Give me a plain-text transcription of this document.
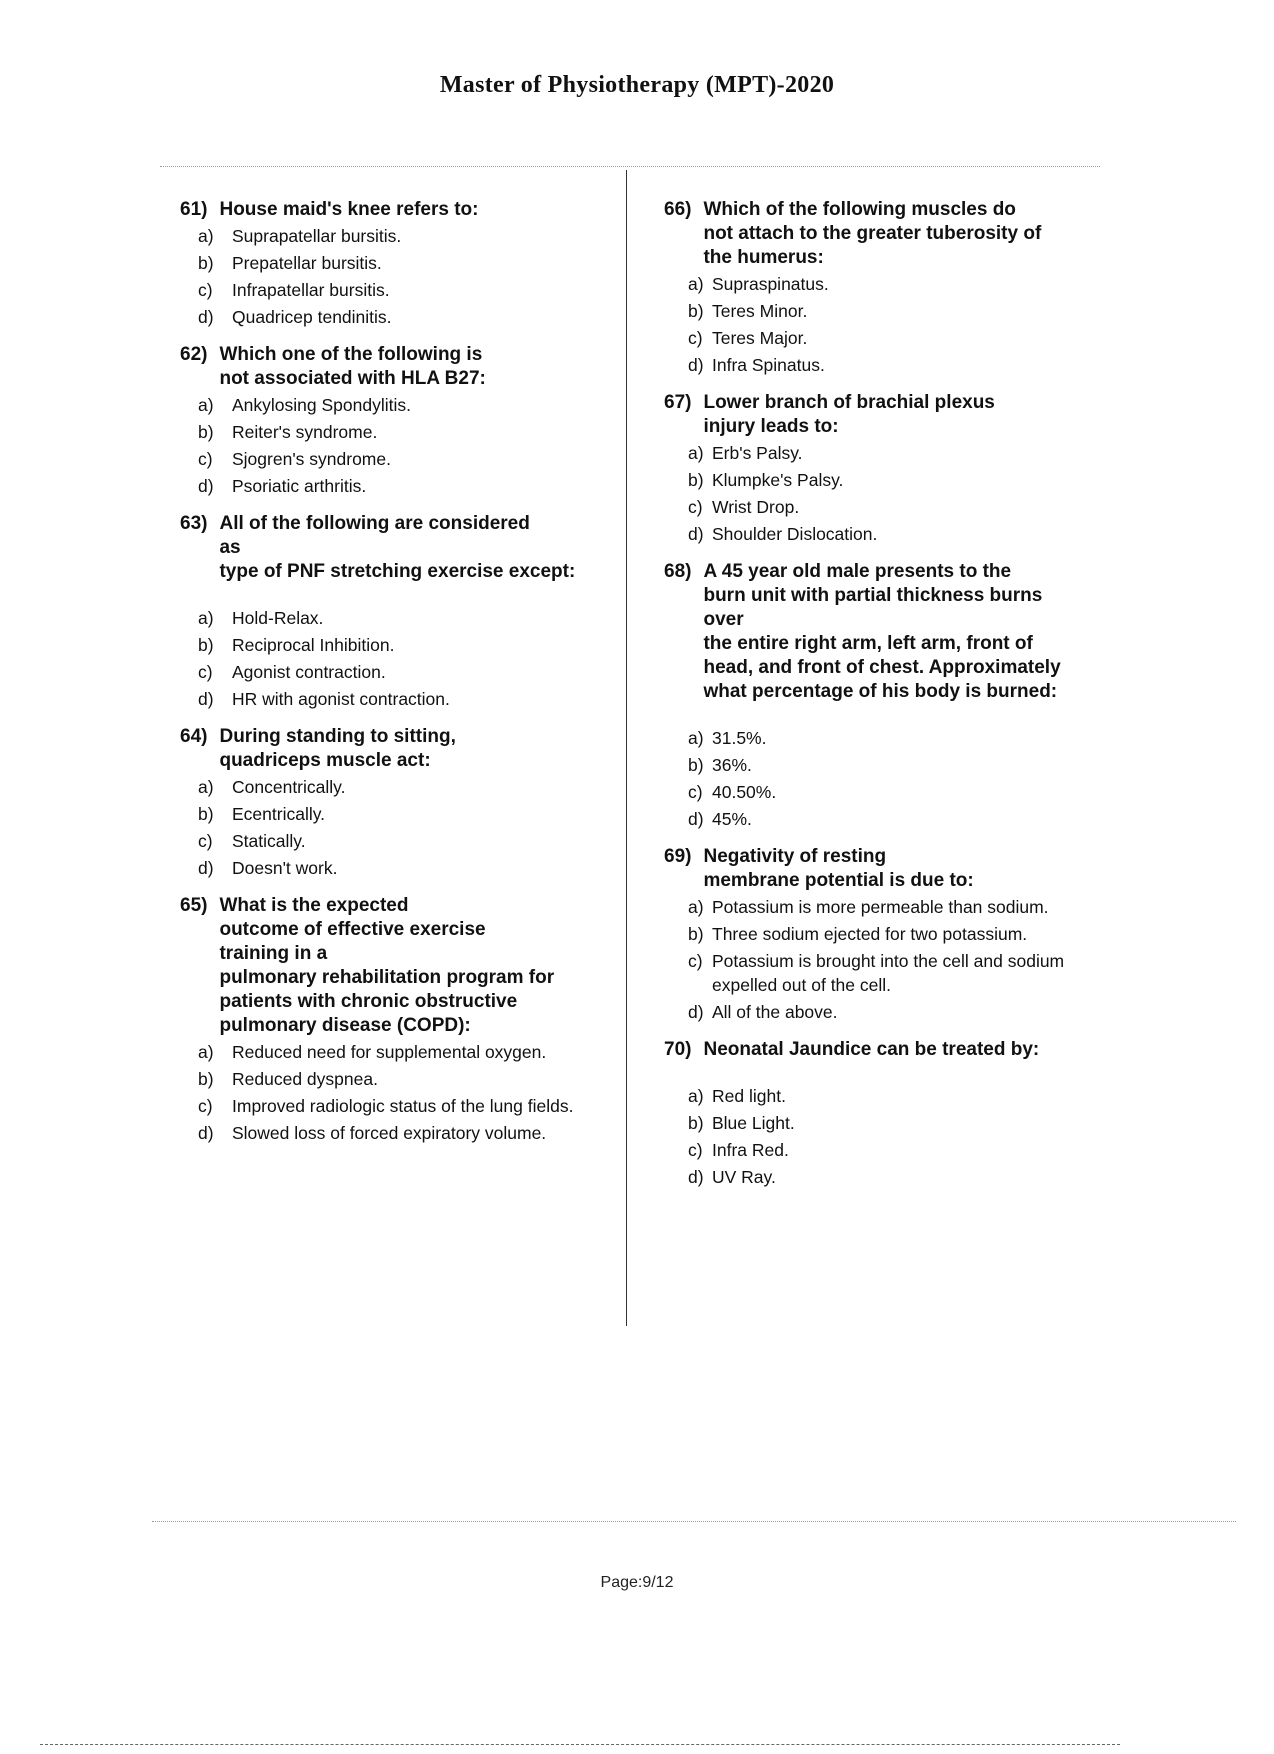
Master of Physiotherapy (MPT)-2020
61) House maid's knee refers to:
a)	Suprapatellar bursitis.
b)	Prepatellar bursitis.
c)	Infrapatellar bursitis.
d)	Quadricep tendinitis.
62) Which one of the following is
not associated with HLA B27:
a)	Ankylosing Spondylitis.
b)	Reiter's syndrome.
c)	Sjogren's syndrome.
d)	Psoriatic arthritis.
63) All of the following are considered
as
type of PNF stretching exercise except:
a)	Hold-Relax.
b)	Reciprocal Inhibition.
c)	Agonist contraction.
d)	HR with agonist contraction.
64) During standing to sitting,
quadriceps muscle act:
a)	Concentrically.
b)	Ecentrically.
c)	Statically.
d)	Doesn't work.
65) What is the expected
outcome of effective exercise
training in a
pulmonary rehabilitation program for
patients with chronic obstructive
pulmonary disease (COPD):
a)	Reduced need for supplemental oxygen.
b)	Reduced dyspnea.
c)	Improved radiologic status of the lung fields.
d)	Slowed loss of forced expiratory volume.
66) Which of the following muscles do
not attach to the greater tuberosity of
the humerus:
a) Supraspinatus.
b) Teres Minor.
c) Teres Major.
d) Infra Spinatus.
67) Lower branch of brachial plexus
injury leads to:
a) Erb's Palsy.
b) Klumpke's Palsy.
c) Wrist Drop.
d) Shoulder Dislocation.
68) A 45 year old male presents to the
burn unit with partial thickness burns
over
the entire right arm, left arm, front of
head, and front of chest. Approximately
what percentage of his body is burned:
a) 31.5%.
b) 36%.
c) 40.50%.
d) 45%.
69) Negativity of resting
membrane potential is due to:
a) Potassium is more permeable than sodium.
b) Three sodium ejected for two potassium.
c) Potassium is brought into the cell and sodium expelled out of the cell.
d) All of the above.
70) Neonatal Jaundice can be treated by:
a) Red light.
b) Blue Light.
c) Infra Red.
d) UV Ray.
Page:9/12
